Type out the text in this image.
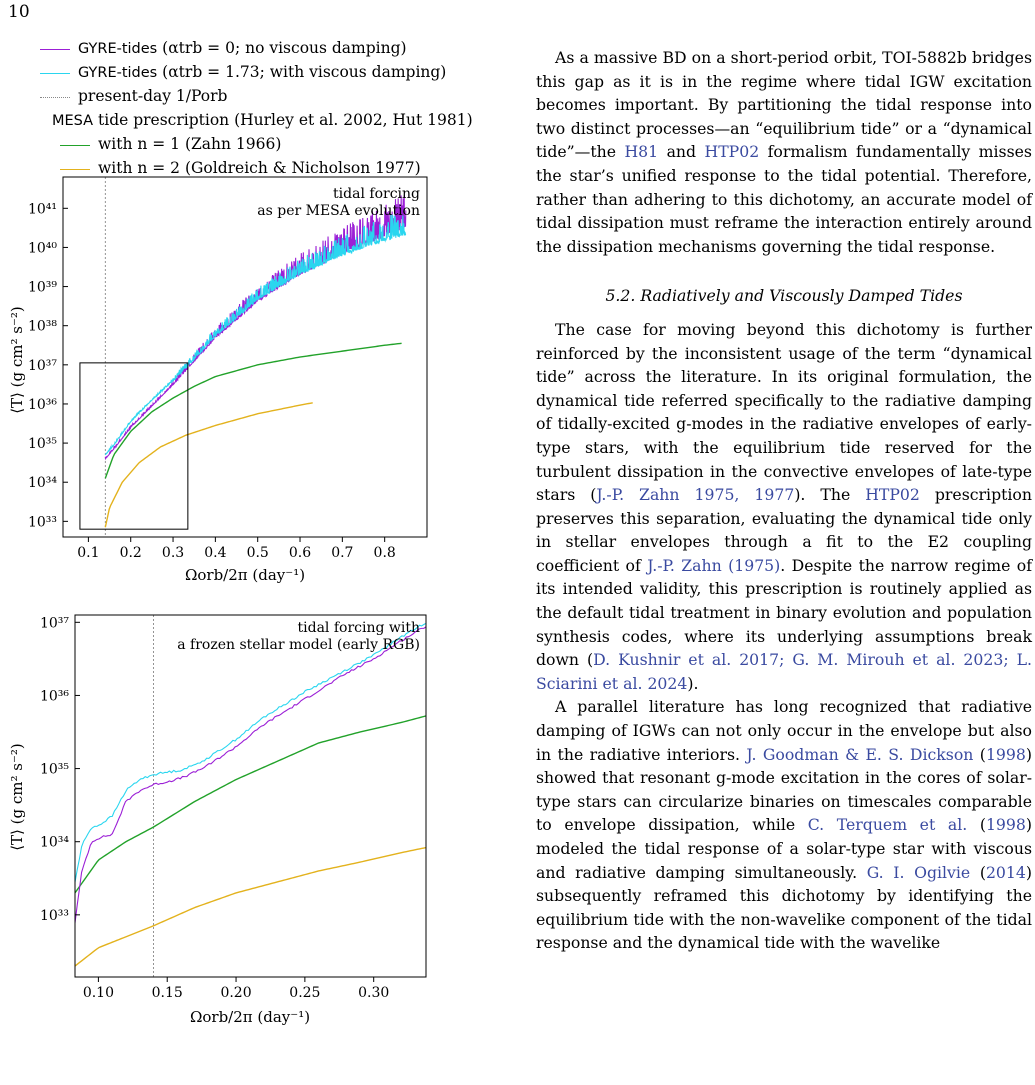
10
GYRE-tides (αtrb = 0; no viscous damping)
GYRE-tides (αtrb = 1.73; with viscous damping)
present-day 1/Porb
MESA tide prescription (Hurley et al. 2002, Hut 1981)
with n = 1 (Zahn 1966)
with n = 2 (Goldreich & Nicholson 1977)
tidal forcing
as per MESA evolution
0.1 0.2 0.3 0.4 0.5 0.6 0.7 0.8
10³³
10³⁴
10³⁵
10³⁶
10³⁷
10³⁸
10³⁹
10⁴⁰
10⁴¹
Ωorb/2π (day⁻¹)
⟨T⟩ (g cm² s⁻²)
tidal forcing with
a frozen stellar model (early RGB)
0.10	0.15	0.20	0.25	0.30
10³³
10³⁴
10³⁵
10³⁶
10³⁷
Ωorb/2π (day⁻¹)
⟨T⟩ (g cm² s⁻²)

As a massive BD on a short-period orbit, TOI-5882b bridges this gap as it is in the regime where tidal IGW excitation becomes important. By partitioning the tidal response into two distinct processes—an “equilibrium tide” or a “dynamical tide”—the H81 and HTP02 formalism fundamentally misses the star’s unified response to the tidal potential. Therefore, rather than adhering to this dichotomy, an accurate model of tidal dissipation must reframe the interaction entirely around the dissipation mechanisms governing the tidal response.

5.2. Radiatively and Viscously Damped Tides

The case for moving beyond this dichotomy is further reinforced by the inconsistent usage of the term “dynamical tide” across the literature. In its original formulation, the dynamical tide referred specifically to the radiative damping of tidally-excited g-modes in the radiative envelopes of early-type stars, with the equilibrium tide reserved for the turbulent dissipation in the convective envelopes of late-type stars (J.-P. Zahn 1975, 1977). The HTP02 prescription preserves this separation, evaluating the dynamical tide only in stellar envelopes through a fit to the E2 coupling coefficient of J.-P. Zahn (1975). Despite the narrow regime of its intended validity, this prescription is routinely applied as the default tidal treatment in binary evolution and population synthesis codes, where its underlying assumptions break down (D. Kushnir et al. 2017; G. M. Mirouh et al. 2023; L. Sciarini et al. 2024).

A parallel literature has long recognized that radiative damping of IGWs can not only occur in the envelope but also in the radiative interiors. J. Goodman & E. S. Dickson (1998) showed that resonant g-mode excitation in the cores of solar-type stars can circularize binaries on timescales comparable to envelope dissipation, while C. Terquem et al. (1998) modeled the tidal response of a solar-type star with viscous and radiative damping simultaneously. G. I. Ogilvie (2014) subsequently reframed this dichotomy by identifying the equilibrium tide with the non-wavelike component of the tidal response and the dynamical tide with the wavelike
